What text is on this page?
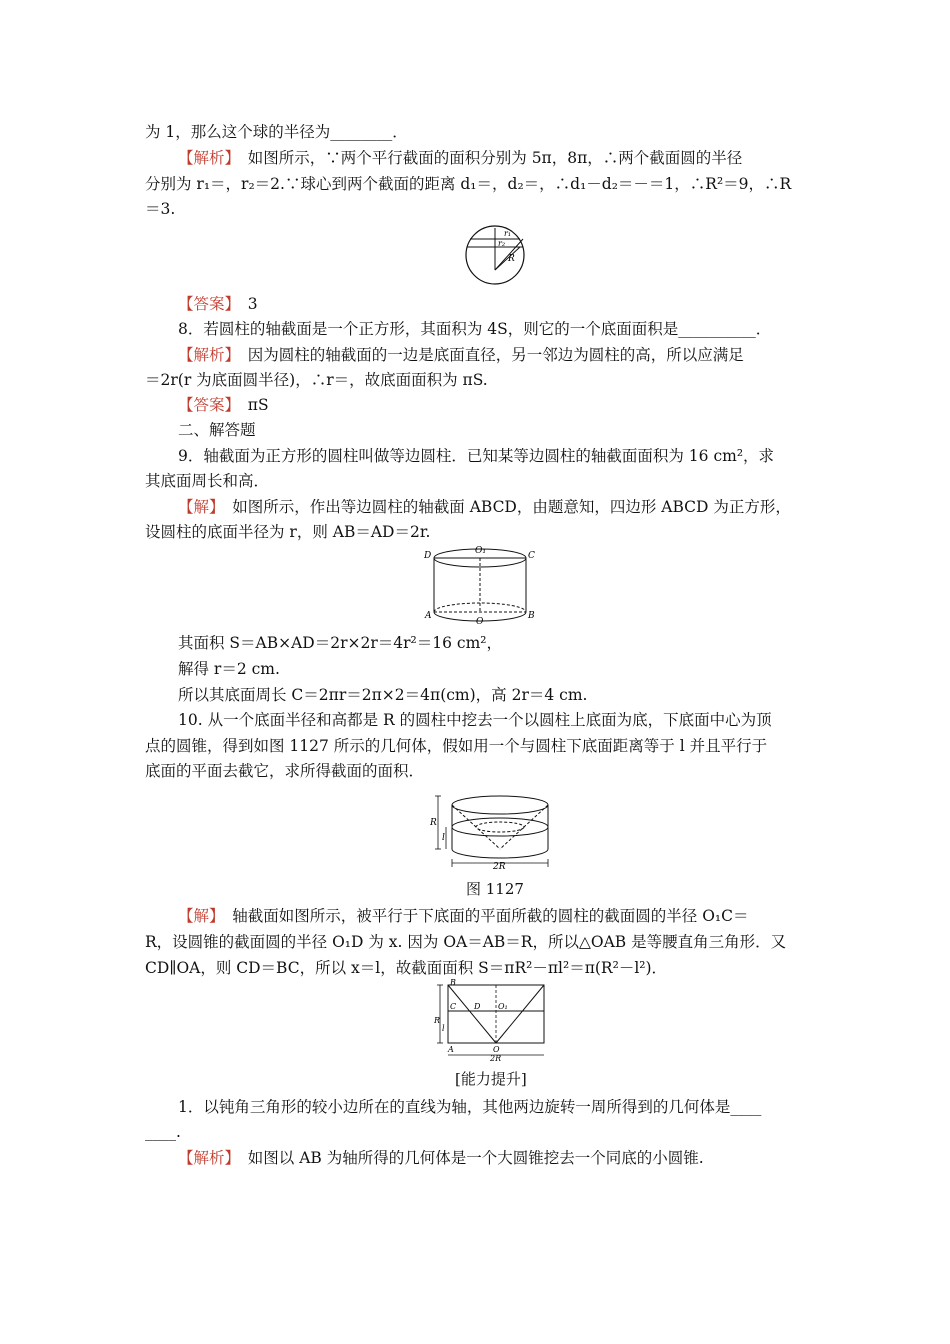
为 1，那么这个球的半径为________．
【解析】　如图所示，∵两个平行截面的面积分别为 5π，8π，∴两个截面圆的半径
分别为 r₁＝，r₂＝2.∵球心到两个截面的距离 d₁＝，d₂＝，∴d₁－d₂＝－＝1，∴R²＝9，∴R
＝3.
r₁
r₂
R
【答案】　3
8．若圆柱的轴截面是一个正方形，其面积为 4S，则它的一个底面面积是__________．
【解析】　因为圆柱的轴截面的一边是底面直径，另一邻边为圆柱的高，所以应满足
＝2r(r 为底面圆半径)，∴r＝，故底面面积为 πS.
【答案】　πS
二、解答题
9．轴截面为正方形的圆柱叫做等边圆柱．已知某等边圆柱的轴截面面积为 16 cm²，求
其底面周长和高．
【解】　如图所示，作出等边圆柱的轴截面 ABCD，由题意知，四边形 ABCD 为正方形，
设圆柱的底面半径为 r，则 AB＝AD＝2r.
D	O₁	C
A
O
B
其面积 S＝AB×AD＝2r×2r＝4r²＝16 cm²，
解得 r＝2 cm.
所以其底面周长 C＝2πr＝2π×2＝4π(cm)，高 2r＝4 cm.
10. 从一个底面半径和高都是 R 的圆柱中挖去一个以圆柱上底面为底，下底面中心为顶
点的圆锥，得到如图 1127 所示的几何体，假如用一个与圆柱下底面距离等于 l 并且平行于
底面的平面去截它，求所得截面的面积．
R
l
2R
图 1127
【解】　轴截面如图所示，被平行于下底面的平面所截的圆柱的截面圆的半径 O₁C＝
R，设圆锥的截面圆的半径 O₁D 为 x. 因为 OA＝AB＝R，所以△OAB 是等腰直角三角形．又
CD∥OA，则 CD＝BC，所以 x＝l，故截面面积 S＝πR²－πl²＝π(R²－l²)．
B
C D O₁
R
l
A	O
2R
[能力提升]
1．以钝角三角形的较小边所在的直线为轴，其他两边旋转一周所得到的几何体是____
____.
【解析】　如图以 AB 为轴所得的几何体是一个大圆锥挖去一个同底的小圆锥.
